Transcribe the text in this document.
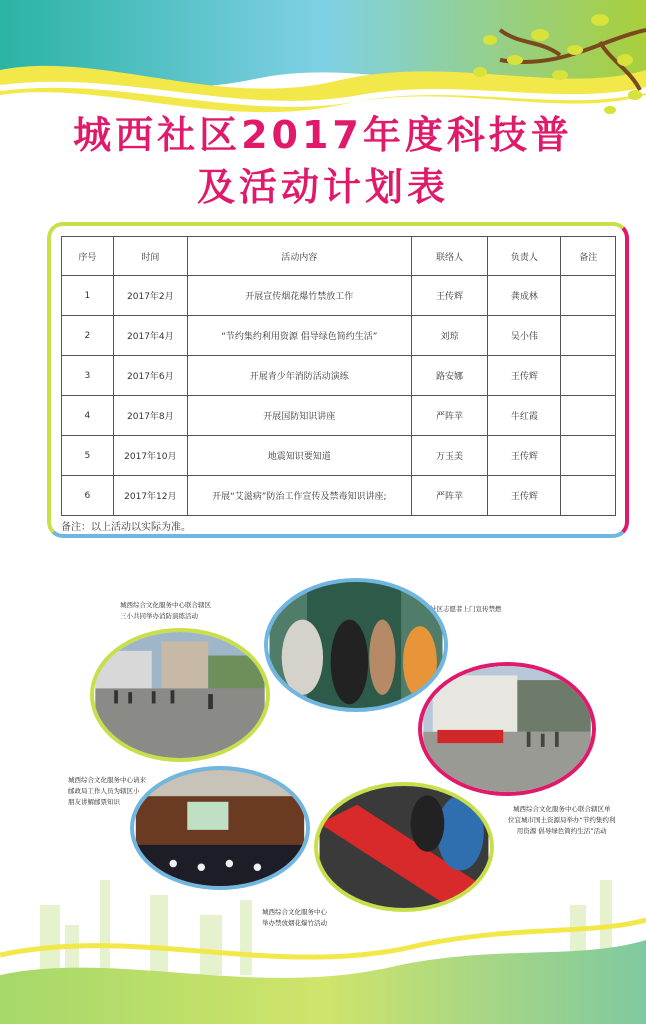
城西社区2017年度科技普
及活动计划表
序号	时间	活动内容	联络人	负责人	备注
1	2017年2月	开展宣传烟花爆竹禁放工作	王传辉	龚成林	
2	2017年4月	“节约集约利用资源 倡导绿色简约生活”	刘琼	吴小伟	
3	2017年6月	开展青少年消防活动演练	路安娜	王传辉	
4	2017年8月	开展国防知识讲座	严阵苹	牛红霞	
5	2017年10月	地震知识要知道	万玉美	王传辉	
6	2017年12月	开展“艾滋病”防治工作宣传及禁毒知识讲座;	严阵苹	王传辉	
备注：以上活动以实际为准。
城西综合文化服务中心联合辖区
三小共同举办消防演练活动
社区志愿者上门宣传禁燃
城西综合文化服务中心请来
邮政局工作人员为辖区小
朋友讲解邮票知识
城西综合文化服务中心联合辖区单
位宜城市国土资源局举办“节约集约利
用资源 倡导绿色简约生活”活动
城西综合文化服务中心
举办禁放烟花爆竹活动
